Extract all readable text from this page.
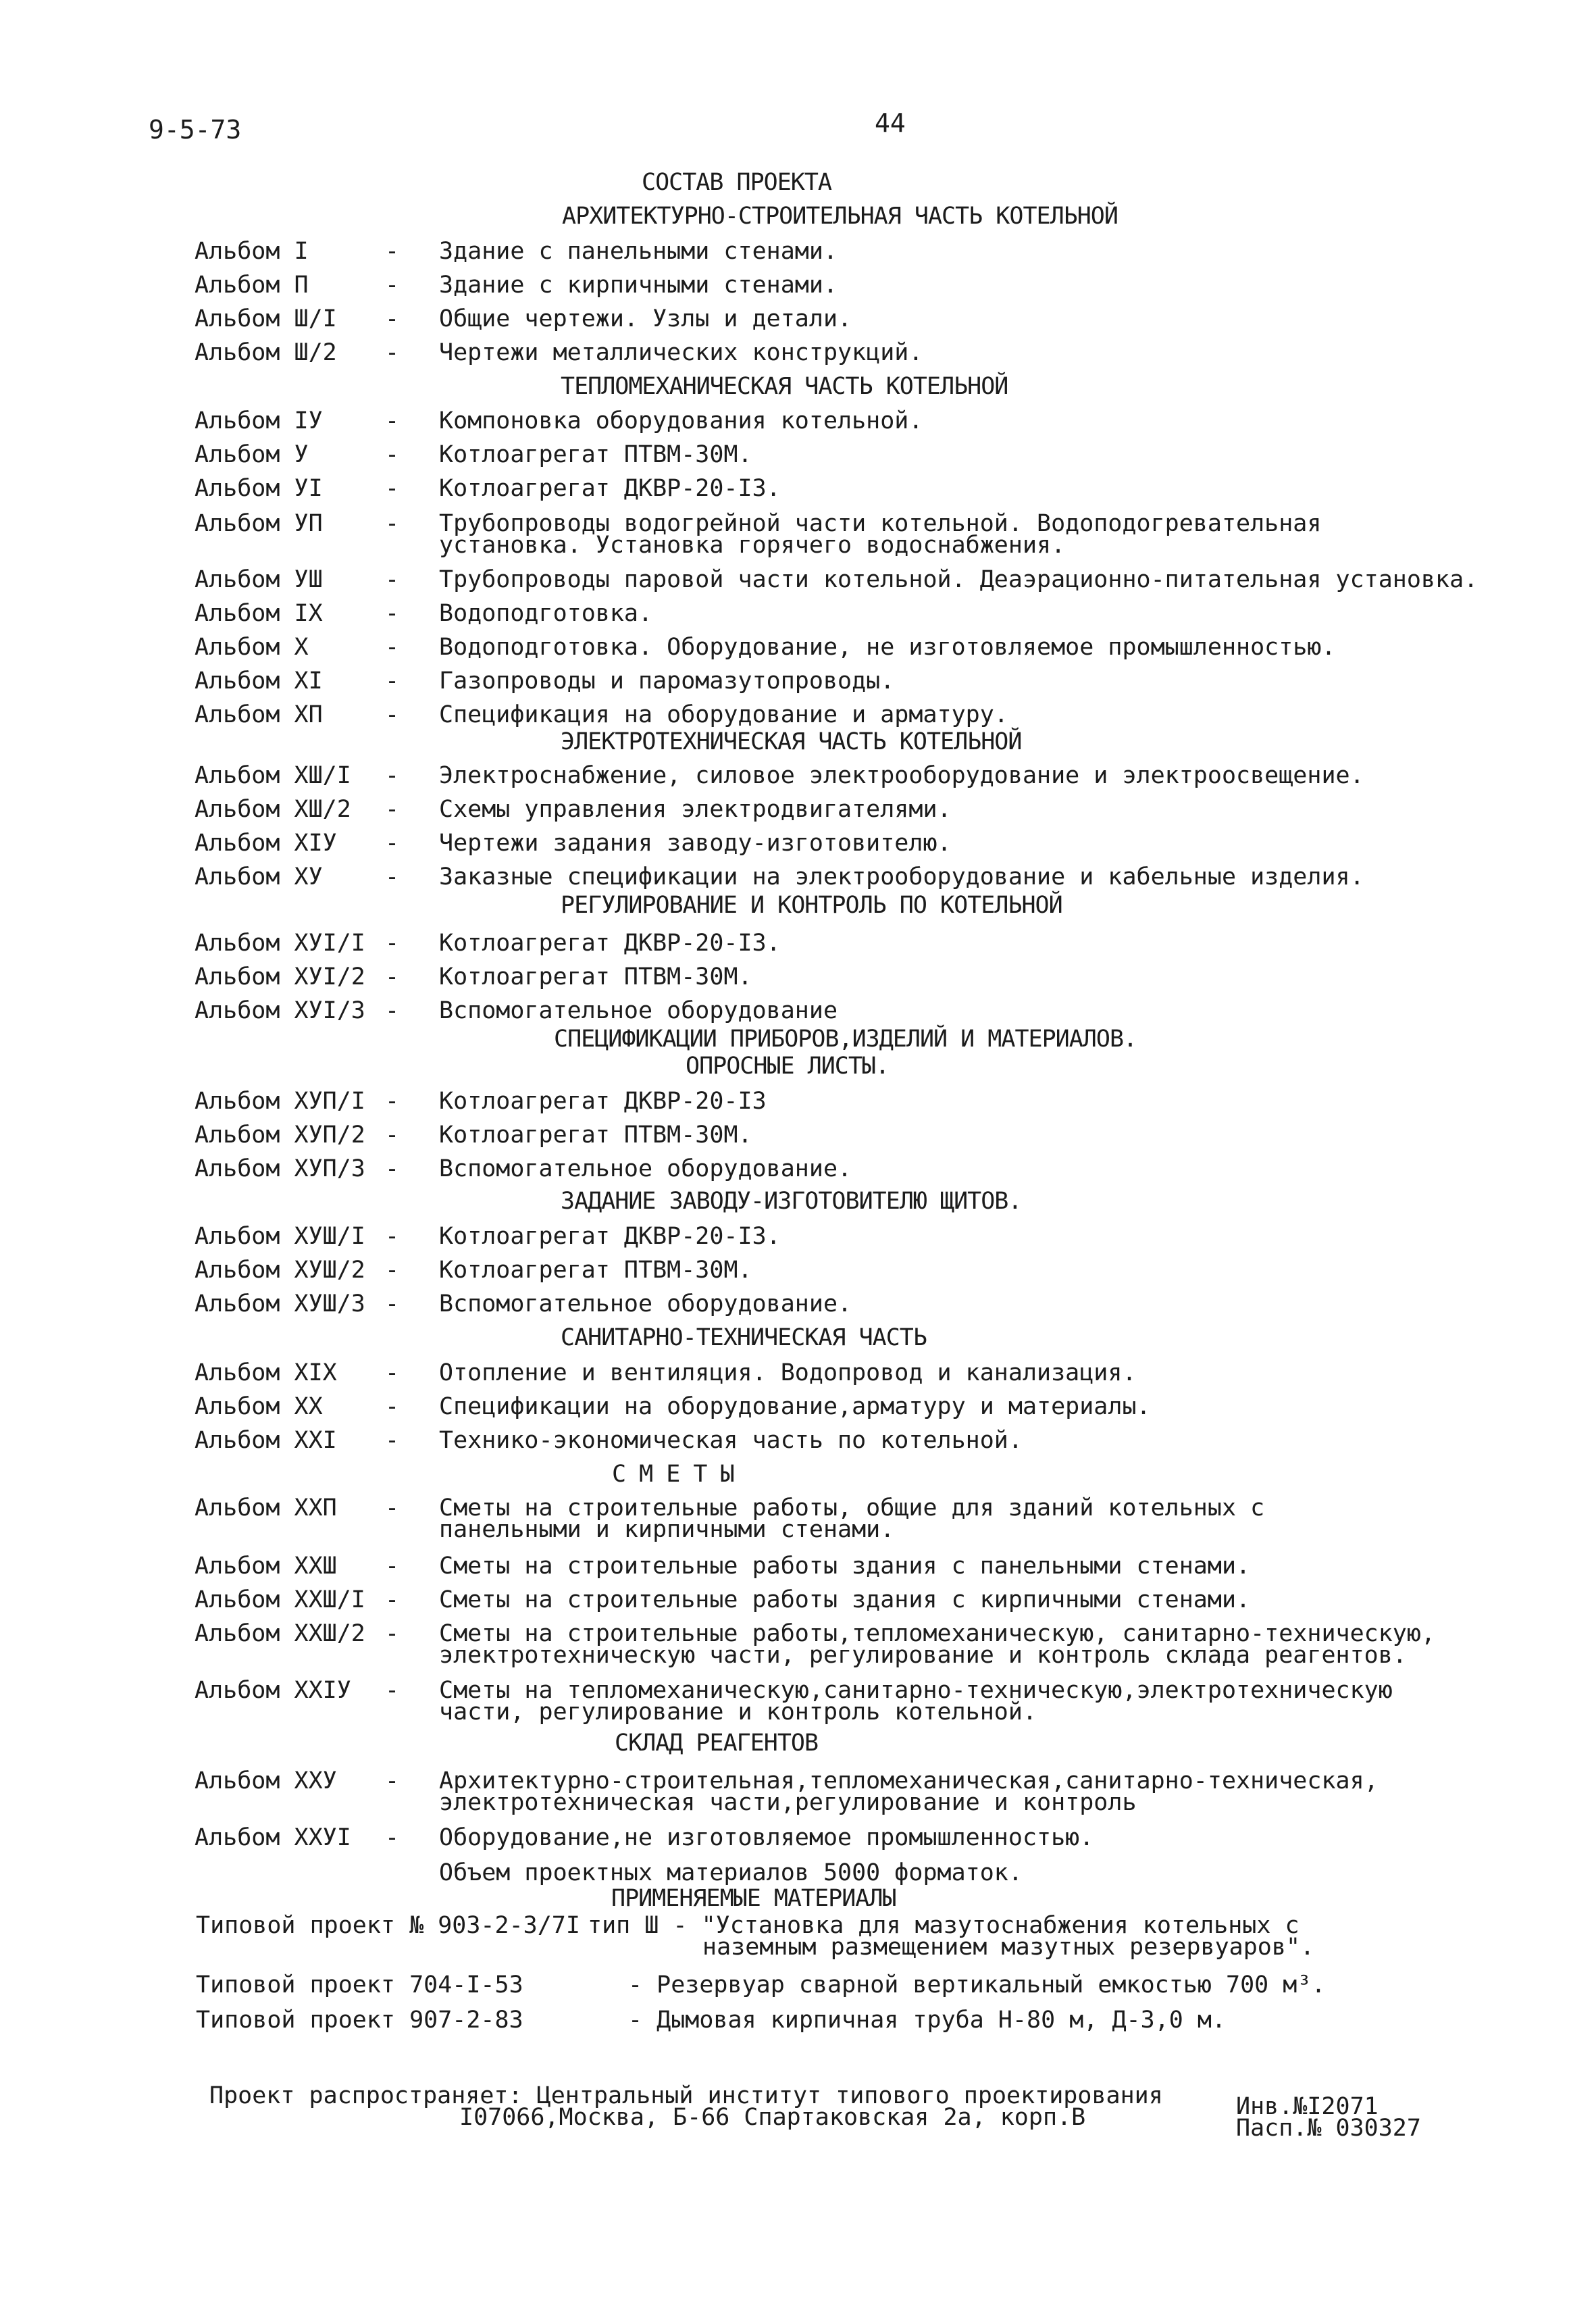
9-5-73	44
СОСТАВ ПРОЕКТА
АРХИТЕКТУРНО-СТРОИТЕЛЬНАЯ ЧАСТЬ КОТЕЛЬНОЙ
Альбом I	- Здание с панельными стенами.
Альбом П	- Здание с кирпичными стенами.
Альбом Ш/I - Общие чертежи. Узлы и детали.
Альбом Ш/2 - Чертежи металлических конструкций.
ТЕПЛОМЕХАНИЧЕСКАЯ ЧАСТЬ КОТЕЛЬНОЙ
Альбом IУ	- Компоновка оборудования котельной.
Альбом У	- Котлоагрегат ПТВМ-30М.
Альбом УI	- Котлоагрегат ДКВР-20-I3.
Альбом УП	- Трубопроводы водогрейной части котельной. Водоподогревательная
установка. Установка горячего водоснабжения.
Альбом УШ	- Трубопроводы паровой части котельной. Деаэрационно-питательная установка.
Альбом IX	- Водоподготовка.
Альбом X	- Водоподготовка. Оборудование, не изготовляемое промышленностью.
Альбом XI	- Газопроводы и паромазутопроводы.
Альбом XП	- Спецификация на оборудование и арматуру.
ЭЛЕКТРОТЕХНИЧЕСКАЯ ЧАСТЬ КОТЕЛЬНОЙ
Альбом XШ/I - Электроснабжение, силовое электрооборудование и электроосвещение.
Альбом XШ/2 - Схемы управления электродвигателями.
Альбом XIУ - Чертежи задания заводу-изготовителю.
Альбом XУ	- Заказные спецификации на электрооборудование и кабельные изделия.
РЕГУЛИРОВАНИЕ И КОНТРОЛЬ ПО КОТЕЛЬНОЙ
Альбом XУI/I - Котлоагрегат ДКВР-20-I3.
Альбом XУI/2 - Котлоагрегат ПТВМ-30М.
Альбом XУI/3 - Вспомогательное оборудование
СПЕЦИФИКАЦИИ ПРИБОРОВ,ИЗДЕЛИЙ И МАТЕРИАЛОВ.
ОПРОСНЫЕ ЛИСТЫ.
Альбом XУП/I - Котлоагрегат ДКВР-20-I3
Альбом XУП/2 - Котлоагрегат ПТВМ-30М.
Альбом XУП/3 - Вспомогательное оборудование.
ЗАДАНИЕ ЗАВОДУ-ИЗГОТОВИТЕЛЮ ЩИТОВ.
Альбом XУШ/I - Котлоагрегат ДКВР-20-I3.
Альбом XУШ/2 - Котлоагрегат ПТВМ-30М.
Альбом XУШ/3 - Вспомогательное оборудование.
САНИТАРНО-ТЕХНИЧЕСКАЯ ЧАСТЬ
Альбом XIX - Отопление и вентиляция. Водопровод и канализация.
Альбом XX	- Спецификации на оборудование,арматуру и материалы.
Альбом XXI - Технико-экономическая часть по котельной.
С М Е Т Ы
Альбом XXП - Сметы на строительные работы, общие для зданий котельных с
панельными и кирпичными стенами.
Альбом XXШ - Сметы на строительные работы здания с панельными стенами.
Альбом XXШ/I - Сметы на строительные работы здания с кирпичными стенами.
Альбом XXШ/2 - Сметы на строительные работы,тепломеханическую, санитарно-техническую,
электротехническую части, регулирование и контроль склада реагентов.
Альбом XXIУ - Сметы на тепломеханическую,санитарно-техническую,электротехническую
части, регулирование и контроль котельной.
СКЛАД РЕАГЕНТОВ
Альбом XXУ - Архитектурно-строительная,тепломеханическая,санитарно-техническая,
электротехническая части,регулирование и контроль
Альбом XXУI - Оборудование,не изготовляемое промышленностью.
Объем проектных материалов 5000 форматок.
ПРИМЕНЯЕМЫЕ МАТЕРИАЛЫ
Типовой проект № 903-2-3/7I тип Ш - "Установка для мазутоснабжения котельных с
наземным размещением мазутных резервуаров".
Типовой проект 704-I-53	- Резервуар сварной вертикальный емкостью 700 м³.
Типовой проект 907-2-83	- Дымовая кирпичная труба Н-80 м, Д-3,0 м.
Проект распространяет: Центральный институт типового проектирования
I07066,Москва, Б-66 Спартаковская 2а, корп.В	Инв.№I2071
Пасп.№ 030327
